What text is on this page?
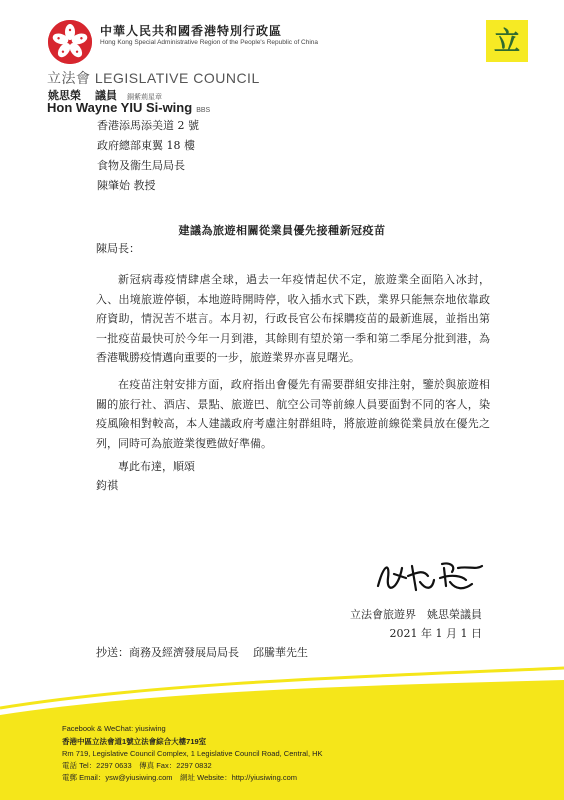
中華人民共和國香港特別行政區
Hong Kong Special Administrative Region of the People's Republic of China	立
立法會 LEGISLATIVE COUNCIL
姚思榮 議員 銅紫荊星章
Hon Wayne YIU Si-wing BBS
香港添馬添美道 2 號
政府總部東翼 18 樓
食物及衞生局局長
陳肇始 教授
建議為旅遊相關從業員優先接種新冠疫苗
陳局長：
新冠病毒疫情肆虐全球，過去一年疫情起伏不定，旅遊業全面陷入冰封，入、出境旅遊停頓，本地遊時開時停，收入插水式下跌，業界只能無奈地依靠政府資助，情況苦不堪言。本月初，行政長官公布採購疫苗的最新進展，並指出第一批疫苗最快可於今年一月到港，其餘則有望於第一季和第二季尾分批到港，為香港戰勝疫情邁向重要的一步，旅遊業界亦喜見曙光。
在疫苗注射安排方面，政府指出會優先有需要群組安排注射，鑒於與旅遊相關的旅行社、酒店、景點、旅遊巴、航空公司等前線人員要面對不同的客人，染疫風險相對較高，本人建議政府考慮注射群組時，將旅遊前線從業員放在優先之列，同時可為旅遊業復甦做好準備。
專此布達，順頌
鈞祺
立法會旅遊界　姚思榮議員
2021 年 1 月 1 日
抄送：商務及經濟發展局局長 邱騰華先生
Facebook & WeChat: yiusiwing
香港中區立法會道1號立法會綜合大樓719室
Rm 719, Legislative Council Complex, 1 Legislative Council Road, Central, HK
電話 Tel：2297 0633　傳真 Fax：2297 0832
電郵 Email：ysw@yiusiwing.com　網址 Website：http://yiusiwing.com
